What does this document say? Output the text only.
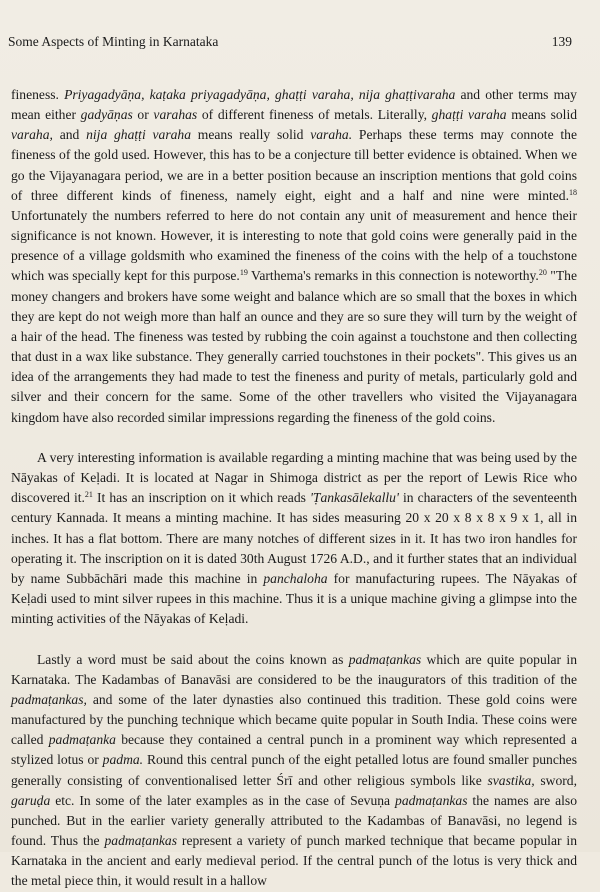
Some Aspects of Minting in Karnataka	139

fineness. Priyagadyāṇa, kaṭaka priyagadyāṇa, ghaṭṭi varaha, nija ghaṭṭivaraha and other terms may mean either gadyāṇas or varahas of different fineness of metals. Literally, ghaṭṭi varaha means solid varaha, and nija ghaṭṭi varaha means really solid varaha. Perhaps these terms may connote the fineness of the gold used. However, this has to be a conjecture till better evidence is obtained. When we go the Vijayanagara period, we are in a better position because an inscription mentions that gold coins of three different kinds of fineness, namely eight, eight and a half and nine were minted.$^{18}$ Unfortunately the numbers referred to here do not contain any unit of measurement and hence their significance is not known. However, it is interesting to note that gold coins were generally paid in the presence of a village goldsmith who examined the fineness of the coins with the help of a touchstone which was specially kept for this purpose.$^{19}$ Varthema's remarks in this connection is noteworthy.$^{20}$ "The money changers and brokers have some weight and balance which are so small that the boxes in which they are kept do not weigh more than half an ounce and they are so sure they will turn by the weight of a hair of the head. The fineness was tested by rubbing the coin against a touchstone and then collecting that dust in a wax like substance. They generally carried touchstones in their pockets". This gives us an idea of the arrangements they had made to test the fineness and purity of metals, particularly gold and silver and their concern for the same. Some of the other travellers who visited the Vijayanagara kingdom have also recorded similar impressions regarding the fineness of the gold coins.

A very interesting information is available regarding a minting machine that was being used by the Nāyakas of Keḷadi. It is located at Nagar in Shimoga district as per the report of Lewis Rice who discovered it.$^{21}$ It has an inscription on it which reads 'Ṭankasālekallu' in characters of the seventeenth century Kannada. It means a minting machine. It has sides measuring 20 x 20 x 8 x 8 x 9 x 1, all in inches. It has a flat bottom. There are many notches of different sizes in it. It has two iron handles for operating it. The inscription on it is dated 30th August 1726 A.D., and it further states that an individual by name Subbāchāri made this machine in panchaloha for manufacturing rupees. The Nāyakas of Keḷadi used to mint silver rupees in this machine. Thus it is a unique machine giving a glimpse into the minting activities of the Nāyakas of Keḷadi.

Lastly a word must be said about the coins known as padmaṭankas which are quite popular in Karnataka. The Kadambas of Banavāsi are considered to be the inaugurators of this tradition of the padmaṭankas, and some of the later dynasties also continued this tradition. These gold coins were manufactured by the punching technique which became quite popular in South India. These coins were called padmaṭanka because they contained a central punch in a prominent way which represented a stylized lotus or padma. Round this central punch of the eight petalled lotus are found smaller punches generally consisting of conventionalised letter Śrī and other religious symbols like svastika, sword, garuḍa etc. In some of the later examples as in the case of Sevuṇa padmaṭankas the names are also punched. But in the earlier variety generally attributed to the Kadambas of Banavāsi, no legend is found. Thus the padmaṭankas represent a variety of punch marked technique that became popular in Karnataka in the ancient and early medieval period. If the central punch of the lotus is very thick and the metal piece thin, it would result in a hallow
